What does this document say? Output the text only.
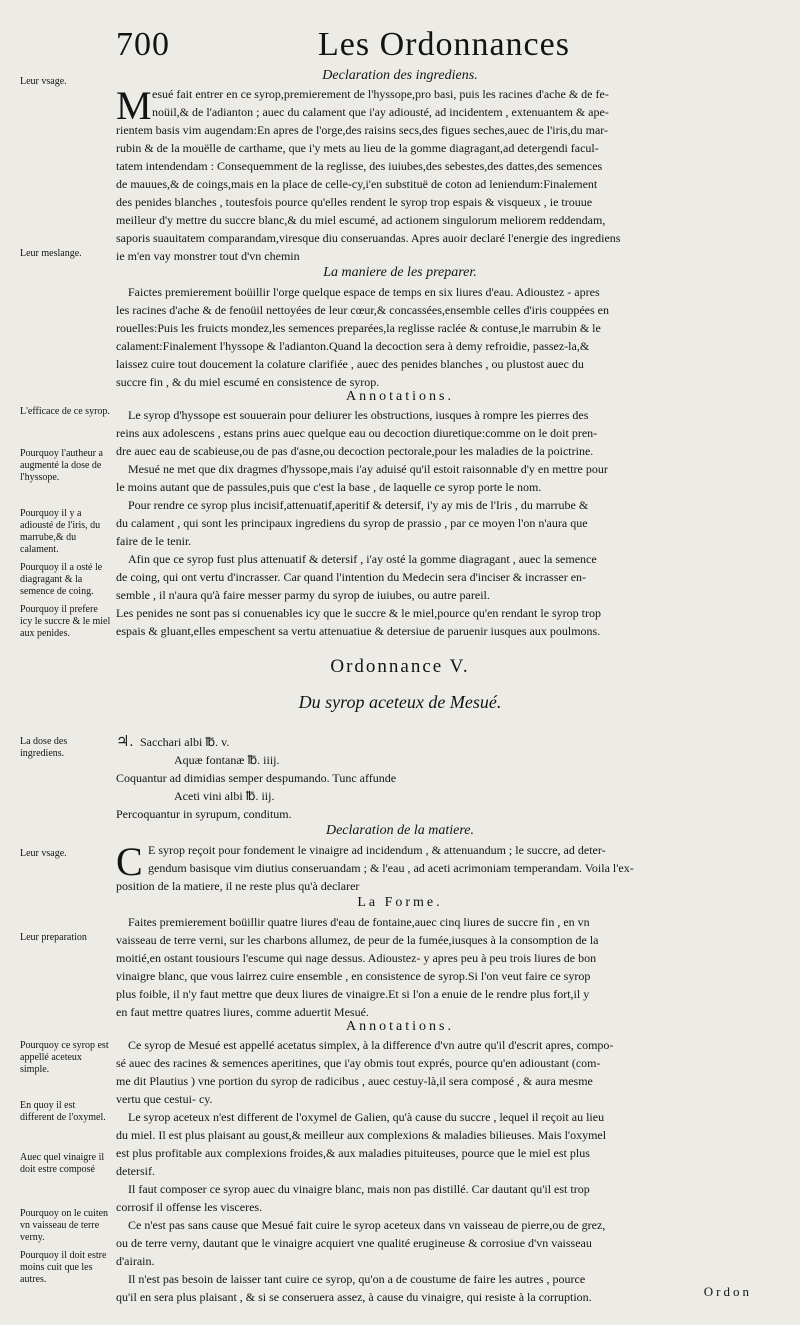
700	Les Ordonnances
Declaration des ingrediens.
M esué fait entrer en ce syrop,premierement de l'hyssope,pro basi, puis les racines d'ache & de fe-
noüil,& de l'adianton ; auec du calament que i'ay adiousté, ad incidentem , extenuantem & ape-
rientem basis vim augendam:En apres de l'orge,des raisins secs,des figues seches,auec de l'iris,du mar-
rubin & de la mouëlle de carthame, que i'y mets au lieu de la gomme diagragant,ad detergendi facul-
tatem intendendam : Consequemment de la reglisse, des iuiubes,des sebestes,des dattes,des semences
de mauues,& de coings,mais en la place de celle-cy,i'en substituë de coton ad leniendum:Finalement
des penides blanches , toutesfois pource qu'elles rendent le syrop trop espais & visqueux , ie trouue
meilleur d'y mettre du succre blanc,& du miel escumé, ad actionem singulorum meliorem reddendam,
saporis suauitatem comparandam,viresque diu conseruandas. Apres auoir declaré l'energie des ingrediens
ie m'en vay monstrer tout d'vn chemin
La maniere de les preparer.
Faictes premierement boüillir l'orge quelque espace de temps en six liures d'eau. Adioustez - apres
les racines d'ache & de fenoüil nettoyées de leur cœur,& concassées,ensemble celles d'iris couppées en
rouelles:Puis les fruicts mondez,les semences preparées,la reglisse raclée & contuse,le marrubin & le
calament:Finalement l'hyssope & l'adianton.Quand la decoction sera à demy refroidie, passez-la,&
laissez cuire tout doucement la colature clarifiée , auec des penides blanches , ou plustost auec du
succre fin , & du miel escumé en consistence de syrop.
Annotations.
Le syrop d'hyssope est souuerain pour deliurer les obstructions, iusques à rompre les pierres des
reins aux adolescens , estans prins auec quelque eau ou decoction diuretique:comme on le doit pren-
dre auec eau de scabieuse,ou de pas d'asne,ou decoction pectorale,pour les maladies de la poictrine.
Mesué ne met que dix dragmes d'hyssope,mais i'ay aduisé qu'il estoit raisonnable d'y en mettre pour
le moins autant que de passules,puis que c'est la base , de laquelle ce syrop porte le nom.
Pour rendre ce syrop plus incisif,attenuatif,aperitif & detersif, i'y ay mis de l'Iris , du marrube &
du calament , qui sont les principaux ingrediens du syrop de prassio , par ce moyen l'on n'aura que
faire de le tenir.
Afin que ce syrop fust plus attenuatif & detersif , i'ay osté la gomme diagragant , auec la semence
de coing, qui ont vertu d'incrasser. Car quand l'intention du Medecin sera d'inciser & incrasser en-
semble , il n'aura qu'à faire messer parmy du syrop de iuiubes, ou autre pareil.
Les penides ne sont pas si conuenables icy que le succre & le miel,pource qu'en rendant le syrop trop
espais & gluant,elles empeschent sa vertu attenuatiue & detersiue de paruenir iusques aux poulmons.
Ordonnance V.
Du syrop aceteux de Mesué.
♃. Sacchari albi ℔. v.
Aquæ fontanæ ℔. iiij.
Coquantur ad dimidias semper despumando. Tunc affunde
Aceti vini albi ℔. iij.
Percoquantur in syrupum, conditum.
Declaration de la matiere.
C E syrop reçoit pour fondement le vinaigre ad incidendum , & attenuandum ; le succre, ad deter-
gendum basisque vim diutius conseruandam ; & l'eau , ad aceti acrimoniam temperandam. Voila l'ex-
position de la matiere, il ne reste plus qu'à declarer
La Forme.
Faites premierement boüillir quatre liures d'eau de fontaine,auec cinq liures de succre fin , en vn
vaisseau de terre verni, sur les charbons allumez, de peur de la fumée,iusques à la consomption de la
moitié,en ostant tousiours l'escume qui nage dessus. Adioustez- y apres peu à peu trois liures de bon
vinaigre blanc, que vous lairrez cuire ensemble , en consistence de syrop.Si l'on veut faire ce syrop
plus foible, il n'y faut mettre que deux liures de vinaigre.Et si l'on a enuie de le rendre plus fort,il y
en faut mettre quatres liures, comme aduertit Mesué.
Annotations.
Ce syrop de Mesué est appellé acetatus simplex, à la difference d'vn autre qu'il d'escrit apres, compo-
sé auec des racines & semences aperitines, que i'ay obmis tout exprés, pource qu'en adioustant (com-
me dit Plautius ) vne portion du syrop de radicibus , auec cestuy-là,il sera composé , & aura mesme
vertu que cestui- cy.
Le syrop aceteux n'est different de l'oxymel de Galien, qu'à cause du succre , lequel il reçoit au lieu
du miel. Il est plus plaisant au goust,& meilleur aux complexions & maladies bilieuses. Mais l'oxymel
est plus profitable aux complexions froides,& aux maladies pituiteuses, pource que le miel est plus
detersif.
Il faut composer ce syrop auec du vinaigre blanc, mais non pas distillé. Car dautant qu'il est trop
corrosif il offense les visceres.
Ce n'est pas sans cause que Mesué fait cuire le syrop aceteux dans vn vaisseau de pierre,ou de grez,
ou de terre verny, dautant que le vinaigre acquiert vne qualité erugineuse & corrosiue d'vn vaisseau
d'airain.
Il n'est pas besoin de laisser tant cuire ce syrop, qu'on a de coustume de faire les autres , pource
qu'il en sera plus plaisant , & si se conseruera assez, à cause du vinaigre, qui resiste à la corruption.	Ordon
Leur vsage.
Leur meslange.
L'efficace de ce syrop.
Pourquoy l'autheur a augmenté la dose de l'hyssope.
Pourquoy il y a adiousté de l'iris, du marrube,& du calament.
Pourquoy il a osté le diagragant & la semence de coing.
Pourquoy il prefere icy le succre & le miel aux penides.
La dose des ingrediens.
Leur vsage.
Leur preparation
Pourquoy ce syrop est appellé aceteux simple.
En quoy il est different de l'oxymel.
Auec quel vinaigre il doit estre composé
Pourquoy on le cuiten vn vaisseau de terre verny.
Pourquoy il doit estre moins cuit que les autres.
